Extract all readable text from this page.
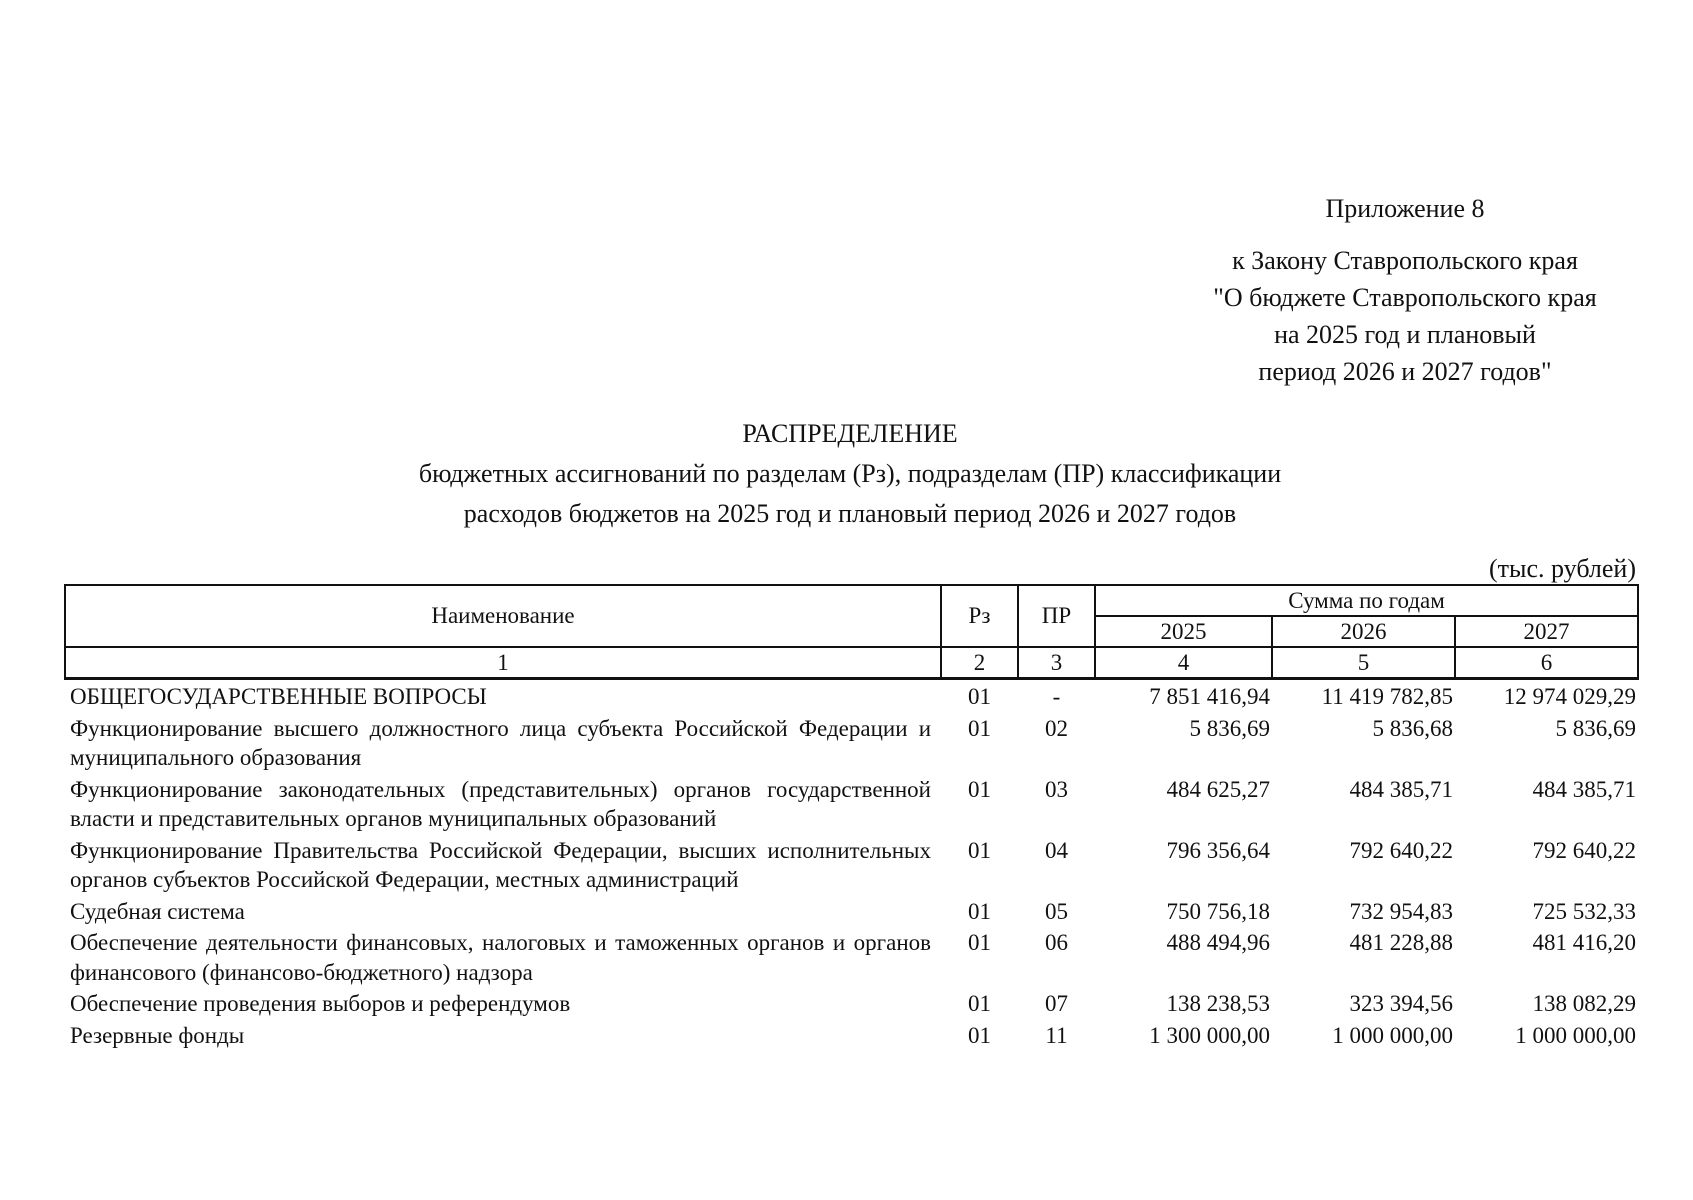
Приложение 8
к Закону Ставропольского края
"О бюджете Ставропольского края
на 2025 год и плановый
период 2026 и 2027 годов"
РАСПРЕДЕЛЕНИЕ
бюджетных ассигнований по разделам (Рз), подразделам (ПР) классификации
расходов бюджетов на 2025 год и плановый период 2026 и 2027 годов
(тыс. рублей)
Наименование	Рз	ПР	Сумма по годам		
			2025	2026	2027
1	2	3	4	5	6
ОБЩЕГОСУДАРСТВЕННЫЕ ВОПРОСЫ	01	-	7 851 416,94	11 419 782,85	12 974 029,29
Функционирование высшего должностного лица субъекта Российской Федерации и муниципального образования	01	02	5 836,69	5 836,68	5 836,69
Функционирование законодательных (представительных) органов государственной власти и представительных органов муниципальных образований	01	03	484 625,27	484 385,71	484 385,71
Функционирование Правительства Российской Федерации, высших исполнительных органов субъектов Российской Федерации, местных администраций	01	04	796 356,64	792 640,22	792 640,22
Судебная система	01	05	750 756,18	732 954,83	725 532,33
Обеспечение деятельности финансовых, налоговых и таможенных органов и органов финансового (финансово-бюджетного) надзора	01	06	488 494,96	481 228,88	481 416,20
Обеспечение проведения выборов и референдумов	01	07	138 238,53	323 394,56	138 082,29
Резервные фонды	01	11	1 300 000,00	1 000 000,00	1 000 000,00
